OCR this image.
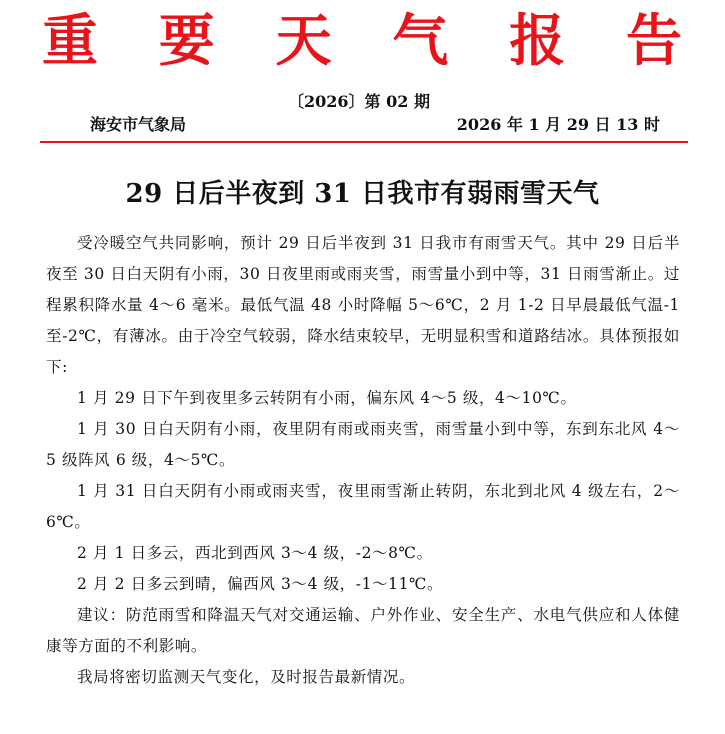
重 要 天 气 报 告
〔2026〕第 02 期
海安市气象局	2026 年 1 月 29 日 13 时
29 日后半夜到 31 日我市有弱雨雪天气

受冷暖空气共同影响，预计 29 日后半夜到 31 日我市有雨雪天气。其中 29 日后半夜至 30 日白天阴有小雨，30 日夜里雨或雨夹雪，雨雪量小到中等，31 日雨雪渐止。过程累积降水量 4～6 毫米。最低气温 48 小时降幅 5～6℃，2 月 1-2 日早晨最低气温-1 至-2℃，有薄冰。由于冷空气较弱，降水结束较早，无明显积雪和道路结冰。具体预报如下:

1 月 29 日下午到夜里多云转阴有小雨，偏东风 4～5 级，4～10℃。

1 月 30 日白天阴有小雨，夜里阴有雨或雨夹雪，雨雪量小到中等，东到东北风 4～5 级阵风 6 级，4～5℃。

1 月 31 日白天阴有小雨或雨夹雪，夜里雨雪渐止转阴，东北到北风 4 级左右，2～6℃。

2 月 1 日多云，西北到西风 3～4 级，-2～8℃。

2 月 2 日多云到晴，偏西风 3～4 级，-1～11℃。

建议：防范雨雪和降温天气对交通运输、户外作业、安全生产、水电气供应和人体健康等方面的不利影响。

我局将密切监测天气变化，及时报告最新情况。
